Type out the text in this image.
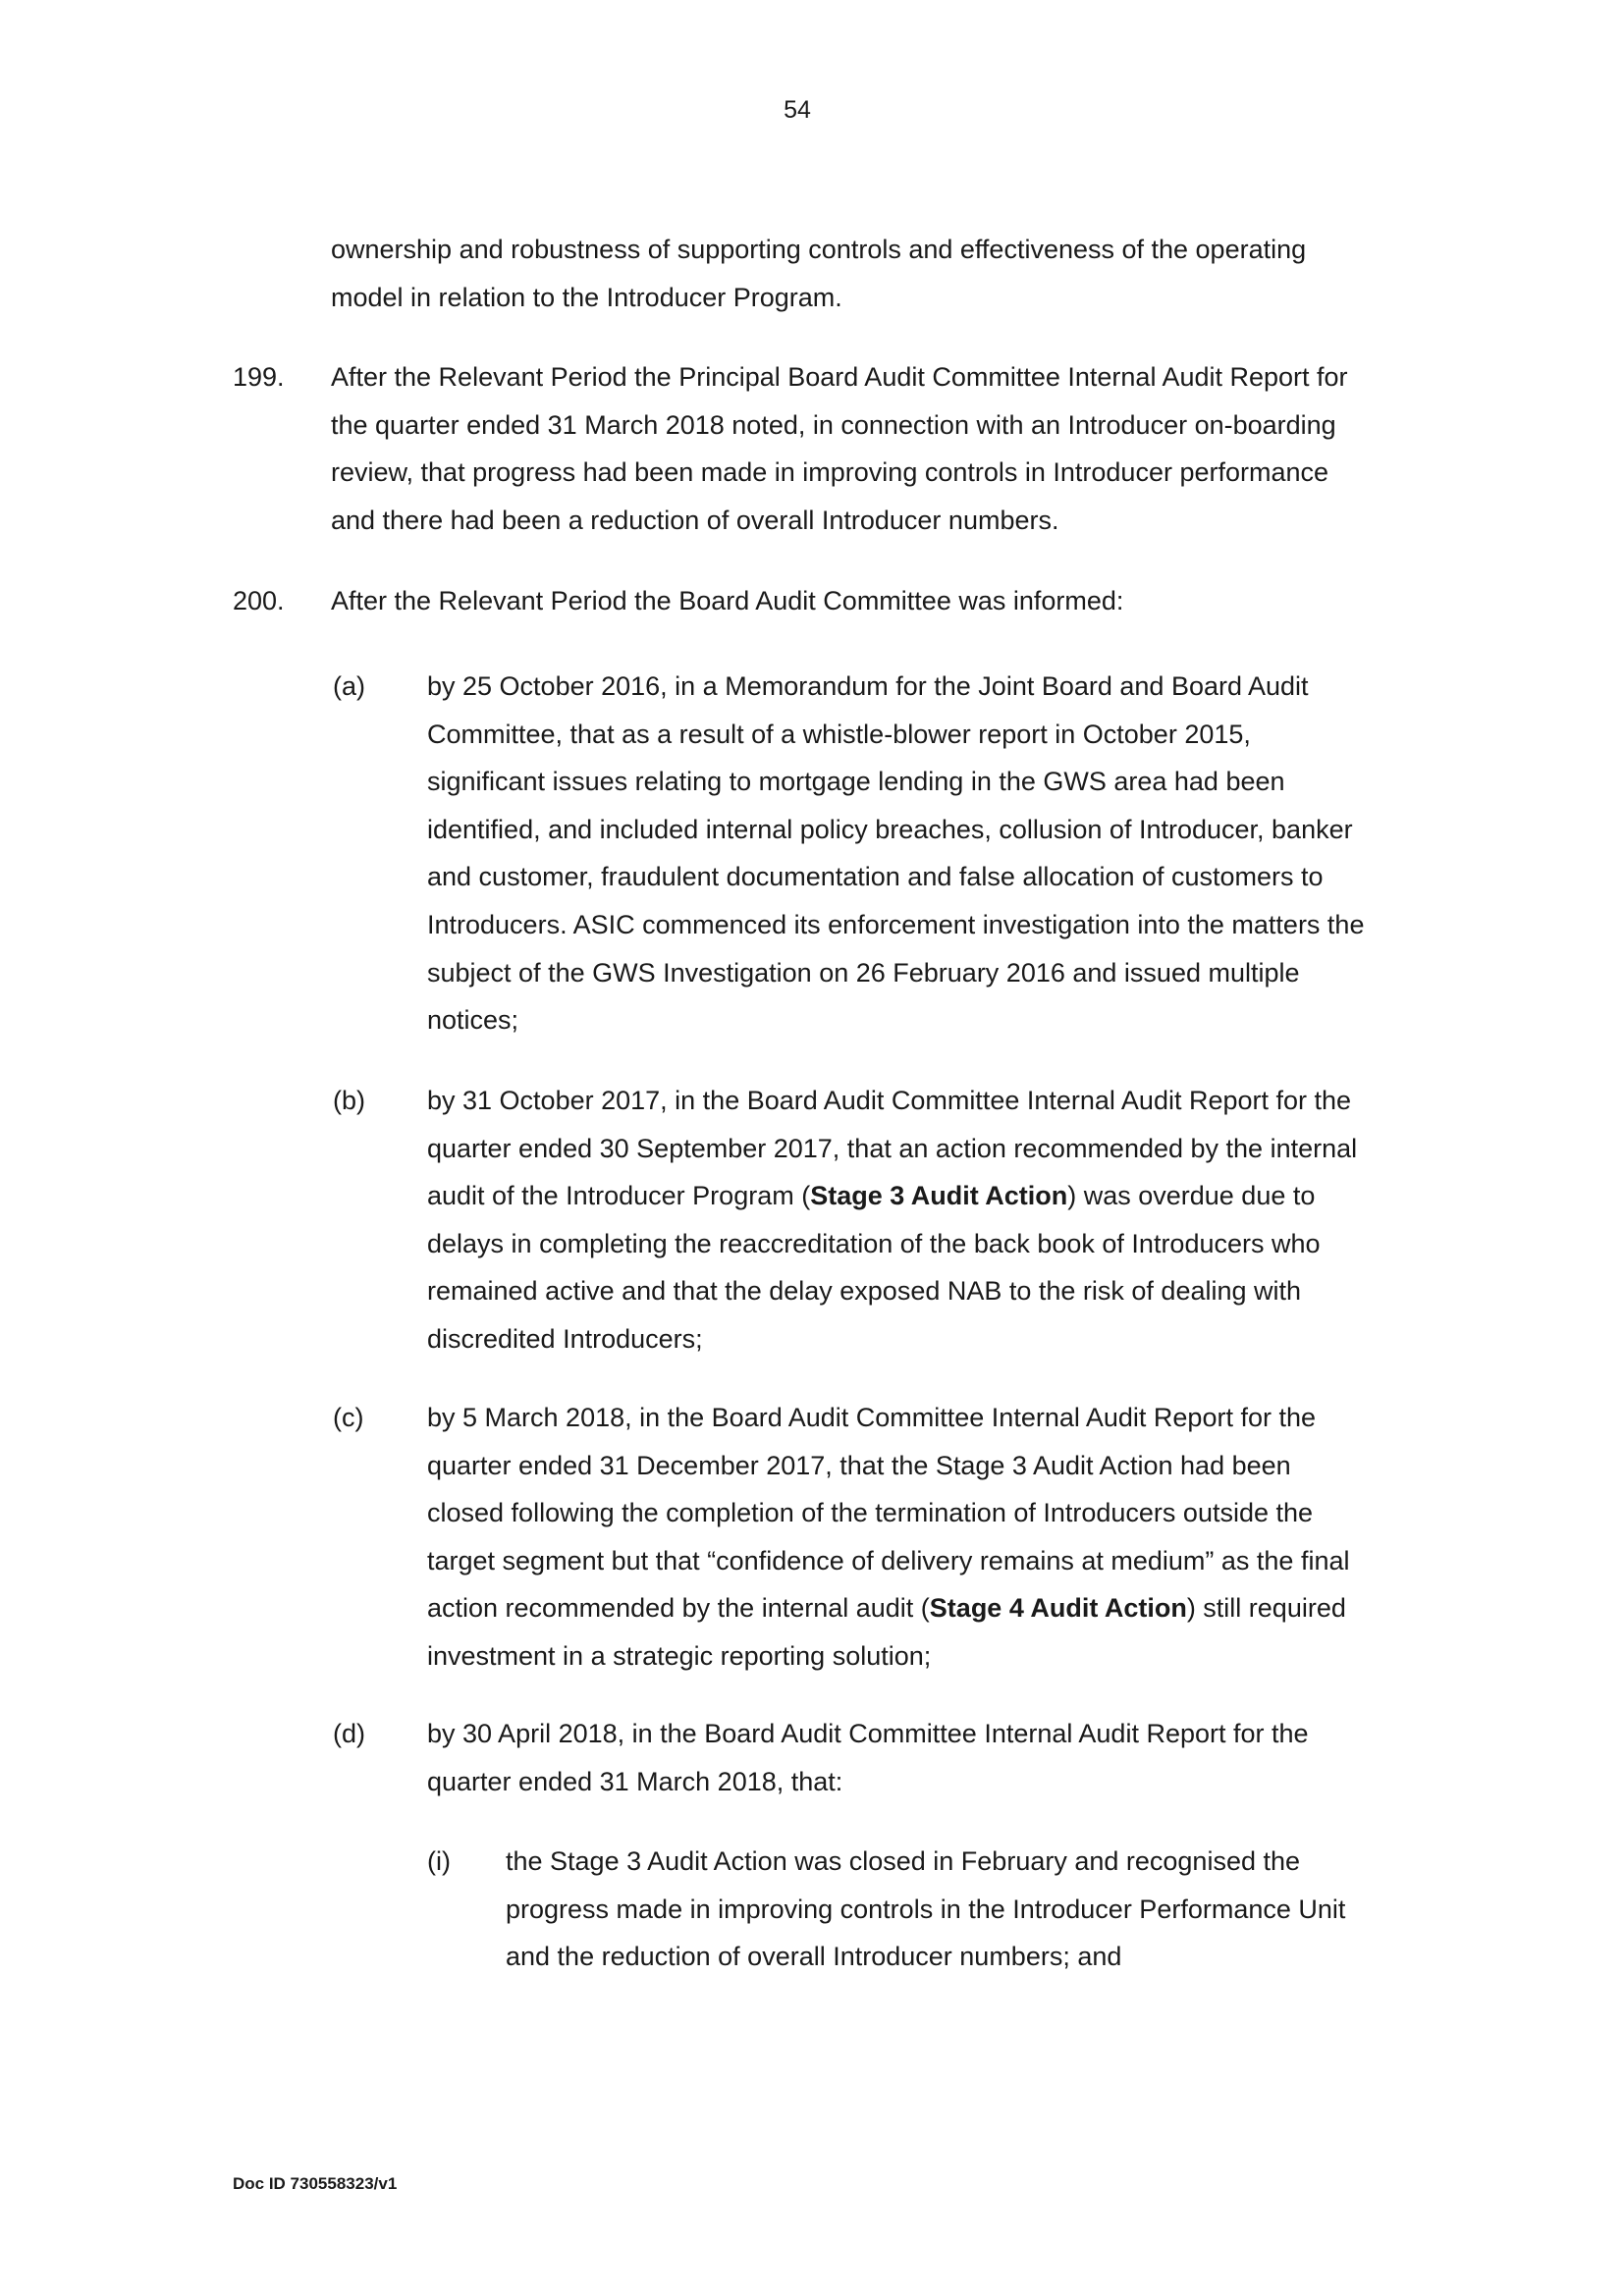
54
ownership and robustness of supporting controls and effectiveness of the operating
model in relation to the Introducer Program.
199. After the Relevant Period the Principal Board Audit Committee Internal Audit Report for
the quarter ended 31 March 2018 noted, in connection with an Introducer on-boarding
review, that progress had been made in improving controls in Introducer performance
and there had been a reduction of overall Introducer numbers.
200. After the Relevant Period the Board Audit Committee was informed:
(a) by 25 October 2016, in a Memorandum for the Joint Board and Board Audit
Committee, that as a result of a whistle-blower report in October 2015,
significant issues relating to mortgage lending in the GWS area had been
identified, and included internal policy breaches, collusion of Introducer, banker
and customer, fraudulent documentation and false allocation of customers to
Introducers. ASIC commenced its enforcement investigation into the matters the
subject of the GWS Investigation on 26 February 2016 and issued multiple
notices;
(b) by 31 October 2017, in the Board Audit Committee Internal Audit Report for the
quarter ended 30 September 2017, that an action recommended by the internal
audit of the Introducer Program (Stage 3 Audit Action) was overdue due to
delays in completing the reaccreditation of the back book of Introducers who
remained active and that the delay exposed NAB to the risk of dealing with
discredited Introducers;
(c) by 5 March 2018, in the Board Audit Committee Internal Audit Report for the
quarter ended 31 December 2017, that the Stage 3 Audit Action had been
closed following the completion of the termination of Introducers outside the
target segment but that “confidence of delivery remains at medium” as the final
action recommended by the internal audit (Stage 4 Audit Action) still required
investment in a strategic reporting solution;
(d) by 30 April 2018, in the Board Audit Committee Internal Audit Report for the
quarter ended 31 March 2018, that:
(i) the Stage 3 Audit Action was closed in February and recognised the
progress made in improving controls in the Introducer Performance Unit
and the reduction of overall Introducer numbers; and
Doc ID 730558323/v1
